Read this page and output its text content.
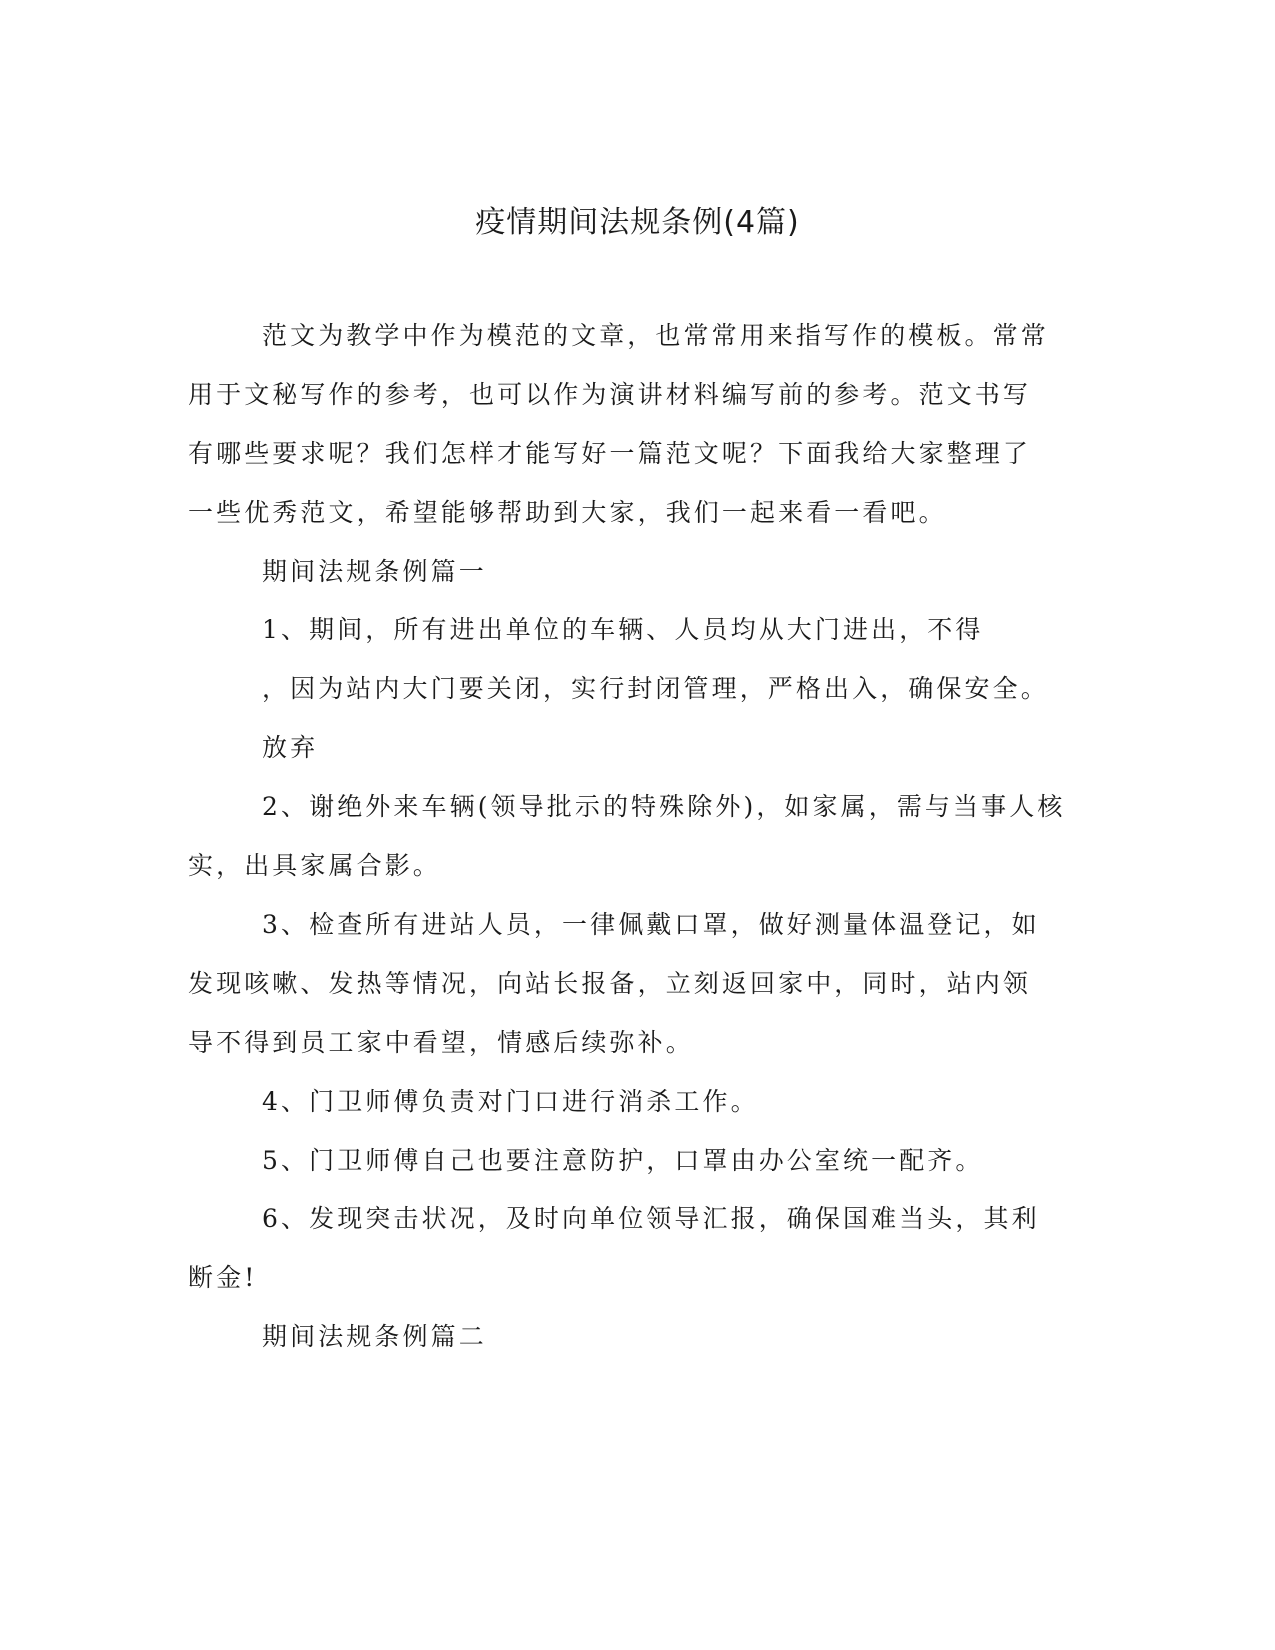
疫情期间法规条例(4篇)
范文为教学中作为模范的文章，也常常用来指写作的模板。常常
用于文秘写作的参考，也可以作为演讲材料编写前的参考。范文书写
有哪些要求呢？我们怎样才能写好一篇范文呢？下面我给大家整理了
一些优秀范文，希望能够帮助到大家，我们一起来看一看吧。
期间法规条例篇一
1、期间，所有进出单位的车辆、人员均从大门进出，不得
，因为站内大门要关闭，实行封闭管理，严格出入，确保安全。
放弃
2、谢绝外来车辆(领导批示的特殊除外)，如家属，需与当事人核
实，出具家属合影。
3、检查所有进站人员，一律佩戴口罩，做好测量体温登记，如
发现咳嗽、发热等情况，向站长报备，立刻返回家中，同时，站内领
导不得到员工家中看望，情感后续弥补。
4、门卫师傅负责对门口进行消杀工作。
5、门卫师傅自己也要注意防护，口罩由办公室统一配齐。
6、发现突击状况，及时向单位领导汇报，确保国难当头，其利
断金!
期间法规条例篇二
